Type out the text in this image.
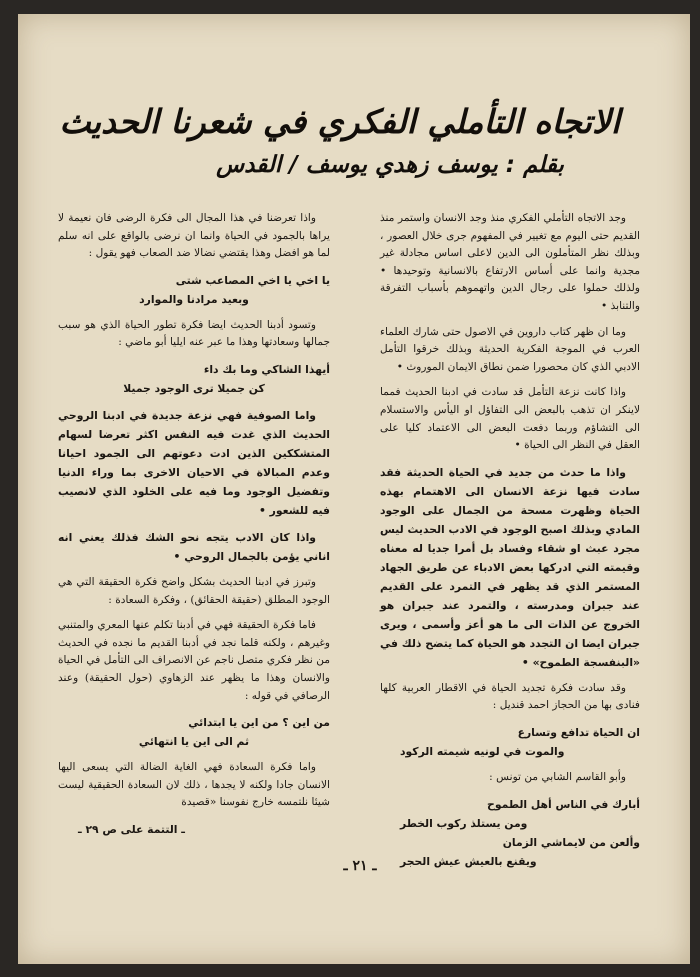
الاتجاه التأملي الفكري في شعرنا الحديث
بقلم : يوسف زهدي يوسف / القدس

وجد الاتجاه التأملي الفكري منذ وجد الانسان واستمر منذ القديم حتى اليوم مع تغيير في المفهوم جرى خلال العصور ، وبذلك نظر المتأملون الى الدين لاعلى اساس مجادلة غير مجدية وانما على أساس الارتفاع بالانسانية وتوحيدها • ولذلك حملوا على رجال الدين واتهموهم بأسباب التفرقة والتنابذ •

وما ان ظهر كتاب داروين في الاصول حتى شارك العلماء العرب في الموجة الفكرية الحديثة وبذلك خرقوا التأمل الادبي الذي كان محصورا ضمن نطاق الايمان الموروث •

واذا كانت نزعة التأمل قد سادت في ادبنا الحديث فمما لاينكر ان تذهب بالبعض الى التفاؤل او اليأس والاستسلام الى التشاؤم وربما دفعت البعض الى الاعتماد كليا على العقل في النظر الى الحياة •

واذا ما حدث من جديد في الحياة الحديثة فقد سادت فيها نزعة الانسان الى الاهتمام بهذه الحياة وظهرت مسحة من الجمال على الوجود المادي وبذلك اصبح الوجود في الادب الحديث ليس مجرد عبث او شقاء وفساد بل أمرا جديا له معناه وقيمته التي ادركها بعض الادباء عن طريق الجهاد المستمر الذي قد يظهر في التمرد على القديم عند جبران ومدرسته ، والتمرد عند جبران هو الخروج عن الذات الى ما هو أعز وأسمى ، ويرى جبران ايضا ان التجدد هو الحياة كما يتضح ذلك في «البنفسجة الطموح» •

وقد سادت فكرة تجديد الحياة في الاقطار العربية كلها فنادى بها من الحجاز احمد قنديل :

ان الحياة تدافع وتسارع
والموت في لونيه شيمته الركود

وأبو القاسم الشابي من تونس :

أبارك في الناس أهل الطموح
ومن يستلذ ركوب الخطر
وألعن من لايماشي الزمان
ويقنع بالعيش عيش الحجر

واذا تعرضنا في هذا المجال الى فكرة الرضى فان نعيمة لا يراها بالجمود في الحياة وانما ان نرضى بالواقع على انه سلم لما هو افضل وهذا يقتضي نضالا ضد الصعاب فهو يقول :

يا اخي يا اخي المصاعب شتى
وبعيد مرادنا والموارد

وتسود أدبنا الحديث ايضا فكرة تطور الحياة الذي هو سبب جمالها وسعادتها وهذا ما عبر عنه ايليا أبو ماضي :

أيهذا الشاكي وما بك داء
كن جميلا ترى الوجود جميلا

واما الصوفية فهي نزعة جديدة في ادبنا الروحي الحديث الذي غدت فيه النفس اكثر تعرضا لسهام المتشككين الذين ادت دعوتهم الى الجمود احيانا وعدم المبالاة في الاحيان الاخرى بما وراء الدنيا وتفضيل الوجود وما فيه على الخلود الذي لانصيب فيه للشعور •

واذا كان الادب يتجه نحو الشك فذلك يعني انه اناني يؤمن بالجمال الروحي •

وتبرز في ادبنا الحديث بشكل واضح فكرة الحقيقة التي هي الوجود المطلق (حقيقة الحقائق) ، وفكرة السعادة :

فاما فكرة الحقيقة فهي في أدبنا تكلم عنها المعري والمتنبي وغيرهم ، ولكنه قلما نجد في أدبنا القديم ما نجده في الحديث من نظر فكري متصل ناجم عن الانصراف الى التأمل في الحياة والانسان وهذا ما يظهر عند الزهاوي (حول الحقيقة) وعند الرصافي في قوله :

من اين ؟ من اين يا ابتدائي
ثم الى اين يا انتهائي

واما فكرة السعادة فهي الغاية الضالة التي يسعى اليها الانسان جادا ولكنه لا يجدها ، ذلك لان السعادة الحقيقية ليست شيئا نلتمسه خارج نفوسنا «قصيدة

ـ التتمة على ص ٢٩ ـ
ـ ٢١ ـ
